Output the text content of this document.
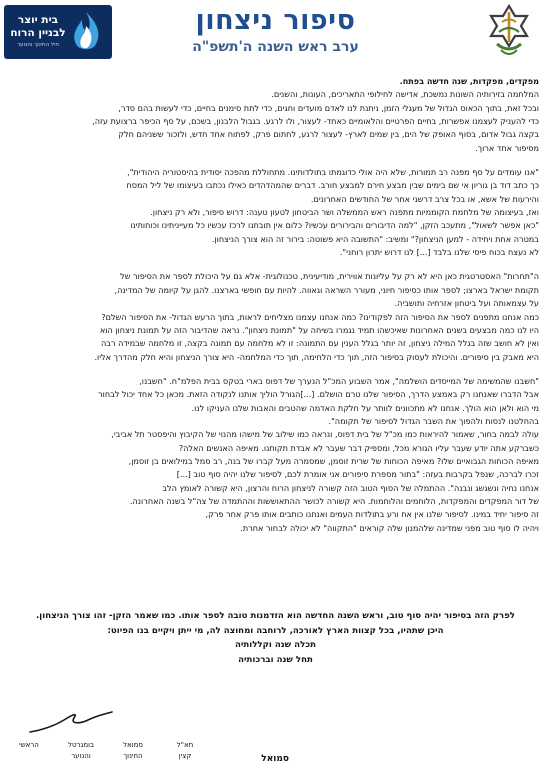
סיפור ניצחון
ערב ראש השנה ה'תשפ"ה
בית יוצר
לבניין הרוח
חיל החינוך והנוער

מפקדים, מפקדות, שנה חדשה בפתח.

המלחמה בזירותיה השונות נמשכת, אדישה לחילופי התאריכים, העונות, והשנים.
ובכל זאת, בתוך הכאוס הגדול של מעגלי הזמן, ניתנת לנו לאדם מועדים וחגים, כדי לתת סימנים בחיים, כדי לעשות בהם סדר,
כדי להעניק לעצמנו אפשרות, בחיים הפרטיים והלאומיים כאחד- לעצור, ולו לרגע. בגבול הלבנון, בשכם, על סף הכיפר ברצועת עזה,
בקצה גבול אדום, בסוף האופק של הים, בין שמים לארץ- לעצור לרגע, לחתום פרק, לפתוח אחד חדש, ולזכור ששניהם חלק
מסיפור אחד ארוך.

"אנו עומדים על סף מפנה רב תמורות, שלא היה אולי כדוגמתו בתולדותינו. מתחוללת מהפכה יסודית בהיסטוריה היהודית",
כך כתב דוד בן גוריון אי שם בימים שבין מבצע חירם למבצע חורב. דברים שהמהדהדים כאילו נכתבו בעיצומו של ליל המסח
והירעות של אשא, או בכל צרב דרשני אחר של החודשים האחרונים.
ואז, בעיצומה של מלחמת הקוממיות מתפנה ראש הממשלה ושר הביטחון לטעון טענה: דרוש סיפור, ולא רק ניצחון.
"כאן אפשר לשאול", מתעכב הזקן, "למה הדיבורים והבירורים עכשיו? כלום אין תובתנו לרכז עכשיו כל מעייניתינו וכוחותינו
במטרה אחת ויחידה - למען הניצחון?" ומשיב: "התשובה היא פשוטה: בירור זה הוא צורך הניצחון.
לא נעצח בכוח פיסי שלנו בלבד [...] לנו דרוש יתרון רוחני".

ה"תחרות" האסטרטגית כאן היא לא רק על עליונות אווירית, מודיעינית, טכנולוגית- אלא גם על היכולת לספר את הסיפור של
תקומת ישראל בארצו; לספר אותו כסיפור חיוני, מעורר השראה וגאווה. להיות עם חופשי בארצנו. להגן על קיומה של המדינה,
על עצמאותה ועל ביטחון אזרחיה ותושביה.
כמה אנחנו מתפנים לספר את הסיפור הזה לפקודינו? כמה אנחנו עצמנו מצליחים לראות, בתוך הרעש הגדול- את הסיפור השלם?
היו לנו כמה מבצעים בשנים האחרונות שאיכשהו תמיד נגמרו בשיחה על "תמונת ניצחון". נראה שהדיבור הזה על תמונת ניצחון הוא
ואין לא חושב שזה בגלל המילה ניצחון, זה יותר בגלל הענין עם התמונה: זו לא מלחמה עם תמונה בקצה, זו מלחמה שבמידה רבה
היא מאבק בין סיפורים. והיכולת לעסוק בסיפור הזה, תוך כדי הלחימה, תוך כדי המלחמה- היא צורך הניצחון והיא חלק מהדרך אליו.

"חשבנו שהמשימה של המייסדים הושלמה", אמר השבוע המכ"ל הנערך של דפוס בארי בטקס בבית הפלמ"ח. "חשבנו,
אבל הדברו שאנחנו רק באמצע הדרך, הסיפור שלנו טרם הושלם. [...]הגורל הוליך אותנו לנקודה הזאת. מכאן כל אחד יכול לבחור
מי הוא ולאן הוא הולך. אנחנו לא מתכוונים לוותר על חלקת האדמה שהטבים והאבות שלנו העניקו לנו.
בהחלטנו לנסות ולהפוך את השבר הגדול לסיפור של תקומה".
עולה לבמה בחור, שאמור להיראות כמו מכ"ל של בית דפוס, ונראה כמו שילוב של מישהו מהנוי של הקיבוץ והיפסטר תל אביבי,
כשברקע אתה יודע שעבר עליו הגורא מכל, ומספיק דבר שעבר לא אבדת תקותנו. מאיפה האנשים האלה?
מאיפה הכוחות הגבואיים שלו? מאיפה הכוחות של שרית זוסמן, שמסמרה מעל קברו של בנה, רב סמל במילואים בן זוסמן,
זכרו לברכה, שנפל בקרבות בעזה: "בתור מספרת סיפורים אני אומרת לכם, לסיפור שלנו יהיה סוף טוב [...]
אנחנו נחיה ונשגשג ונבנה". ההתמלה של הסוף הטוב הזה קשורה לניצחון הרוח והרצון, היא קשורה לאומץ הלב
של דור המפקדים והמפקדות, הלוחמים והלוחמות. היא קשורה לכושר ההתאוששות וההתמדה של צה"ל בשנה האחרונה.
זה סיפור יחיד במינו. לסיפור שלנו אין אח ורע בתולדות העמים ואנחנו כותבים אותו פרק אחר פרק,
ויהיה לו סוף טוב מפני שמדינה שלהמנון שלה קוראים "התקווה" לא יכולה לבחור אחרת.

לפרק הזה בסיפור יהיה סוף טוב, וראש השנה החדשה הוא הזדמנות טובה לספר אותו. כמו שאמר הזקן- זהו צורך הניצחון.

היכן שתהיו, בכל קצוות הארץ לאורכה, לרוחבה ומחוצה לה, מי ייתן ויקיים בנו הפיוט:

תכלה שנה וקללותיה

תחל שנה וברכותיה

תא"ל
קצין
סמואל
החינוך
בומגרטל
והנוער
הראשי
סמואל
